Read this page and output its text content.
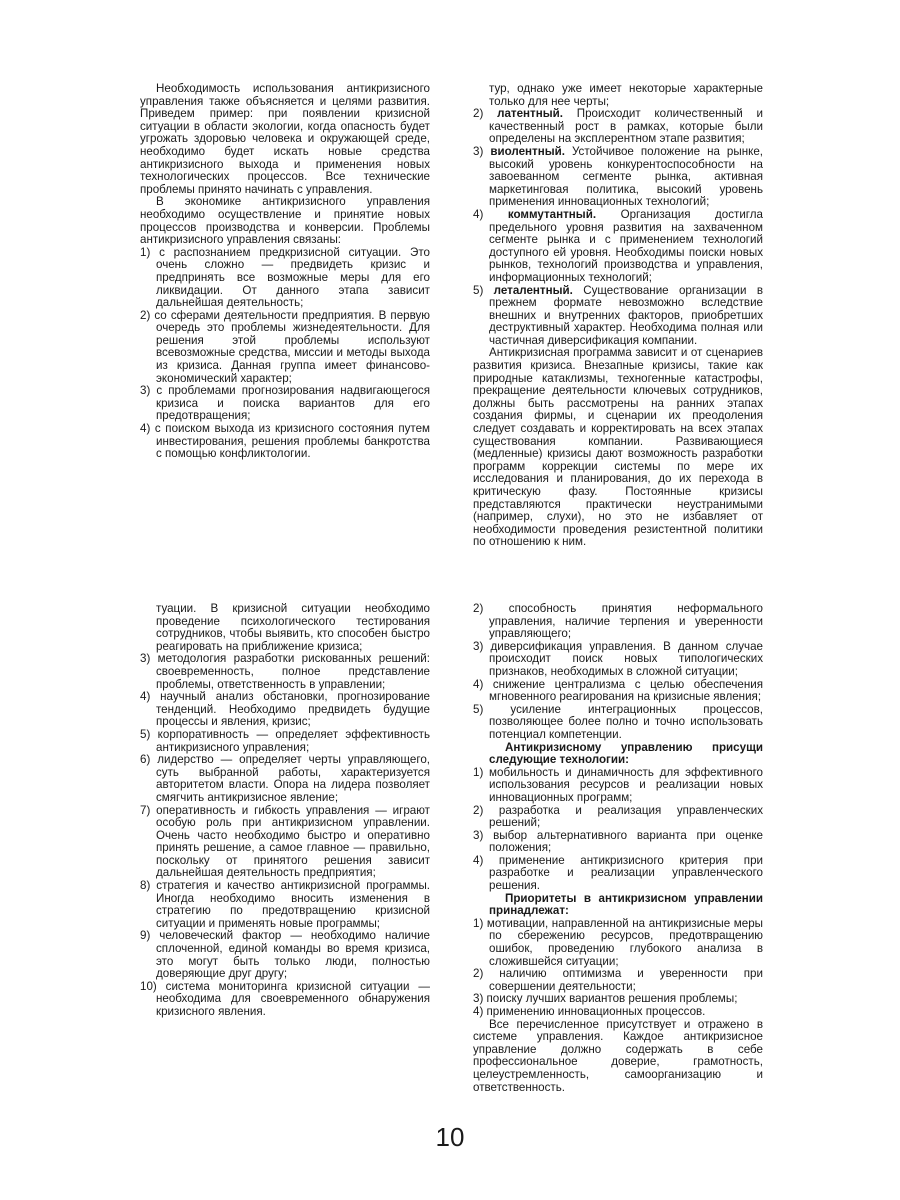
Необходимость использования антикризисного управления также объясняется и целями развития. Приведем пример: при появлении кризисной ситуации в области экологии, когда опасность будет угрожать здоровью человека и окружающей среде, необходимо будет искать новые средства антикризисного выхода и применения новых технологических процессов. Все технические проблемы принято начинать с управления.

В экономике антикризисного управления необходимо осуществление и принятие новых процессов производства и конверсии. Проблемы антикризисного управления связаны:

1) с распознанием предкризисной ситуации. Это очень сложно — предвидеть кризис и предпринять все возможные меры для его ликвидации. От данного этапа зависит дальнейшая деятельность;

2) со сферами деятельности предприятия. В первую очередь это проблемы жизнедеятельности. Для решения этой проблемы используют всевозможные средства, миссии и методы выхода из кризиса. Данная группа имеет финансово-экономический характер;

3) с проблемами прогнозирования надвигающегося кризиса и поиска вариантов для его предотвращения;

4) с поиском выхода из кризисного состояния путем инвестирования, решения проблемы банкротства с помощью конфликтологии.

тур, однако уже имеет некоторые характерные только для нее черты;

2) латентный. Происходит количественный и качественный рост в рамках, которые были определены на эксплерентном этапе развития;

3) виолентный. Устойчивое положение на рынке, высокий уровень конкурентоспособности на завоеванном сегменте рынка, активная маркетинговая политика, высокий уровень применения инновационных технологий;

4) коммутантный. Организация достигла предельного уровня развития на захваченном сегменте рынка и с применением технологий доступного ей уровня. Необходимы поиски новых рынков, технологий производства и управления, информационных технологий;

5) леталентный. Существование организации в прежнем формате невозможно вследствие внешних и внутренних факторов, приобретших деструктивный характер. Необходима полная или частичная диверсификация компании.

Антикризисная программа зависит и от сценариев развития кризиса. Внезапные кризисы, такие как природные катаклизмы, техногенные катастрофы, прекращение деятельности ключевых сотрудников, должны быть рассмотрены на ранних этапах создания фирмы, и сценарии их преодоления следует создавать и корректировать на всех этапах существования компании. Развивающиеся (медленные) кризисы дают возможность разработки программ коррекции системы по мере их исследования и планирования, до их перехода в критическую фазу. Постоянные кризисы представляются практически неустранимыми (например, слухи), но это не избавляет от необходимости проведения резистентной политики по отношению к ним.

туации. В кризисной ситуации необходимо проведение психологического тестирования сотрудников, чтобы выявить, кто способен быстро реагировать на приближение кризиса;

3) методология разработки рискованных решений: своевременность, полное представление проблемы, ответственность в управлении;

4) научный анализ обстановки, прогнозирование тенденций. Необходимо предвидеть будущие процессы и явления, кризис;

5) корпоративность — определяет эффективность антикризисного управления;

6) лидерство — определяет черты управляющего, суть выбранной работы, характеризуется авторитетом власти. Опора на лидера позволяет смягчить антикризисное явление;

7) оперативность и гибкость управления — играют особую роль при антикризисном управлении. Очень часто необходимо быстро и оперативно принять решение, а самое главное — правильно, поскольку от принятого решения зависит дальнейшая деятельность предприятия;

8) стратегия и качество антикризисной программы. Иногда необходимо вносить изменения в стратегию по предотвращению кризисной ситуации и применять новые программы;

9) человеческий фактор — необходимо наличие сплоченной, единой команды во время кризиса, это могут быть только люди, полностью доверяющие друг другу;

10) система мониторинга кризисной ситуации — необходима для своевременного обнаружения кризисного явления.

2) способность принятия неформального управления, наличие терпения и уверенности управляющего;

3) диверсификация управления. В данном случае происходит поиск новых типологических признаков, необходимых в сложной ситуации;

4) снижение централизма с целью обеспечения мгновенного реагирования на кризисные явления;

5) усиление интеграционных процессов, позволяющее более полно и точно использовать потенциал компетенции.

Антикризисному управлению присущи следующие технологии:

1) мобильность и динамичность для эффективного использования ресурсов и реализации новых инновационных программ;

2) разработка и реализация управленческих решений;

3) выбор альтернативного варианта при оценке положения;

4) применение антикризисного критерия при разработке и реализации управленческого решения.

Приоритеты в антикризисном управлении принадлежат:

1) мотивации, направленной на антикризисные меры по сбережению ресурсов, предотвращению ошибок, проведению глубокого анализа в сложившейся ситуации;

2) наличию оптимизма и уверенности при совершении деятельности;

3) поиску лучших вариантов решения проблемы;

4) применению инновационных процессов.

Все перечисленное присутствует и отражено в системе управления. Каждое антикризисное управление должно содержать в себе профессиональное доверие, грамотность, целеустремленность, самоорганизацию и ответственность.

10
